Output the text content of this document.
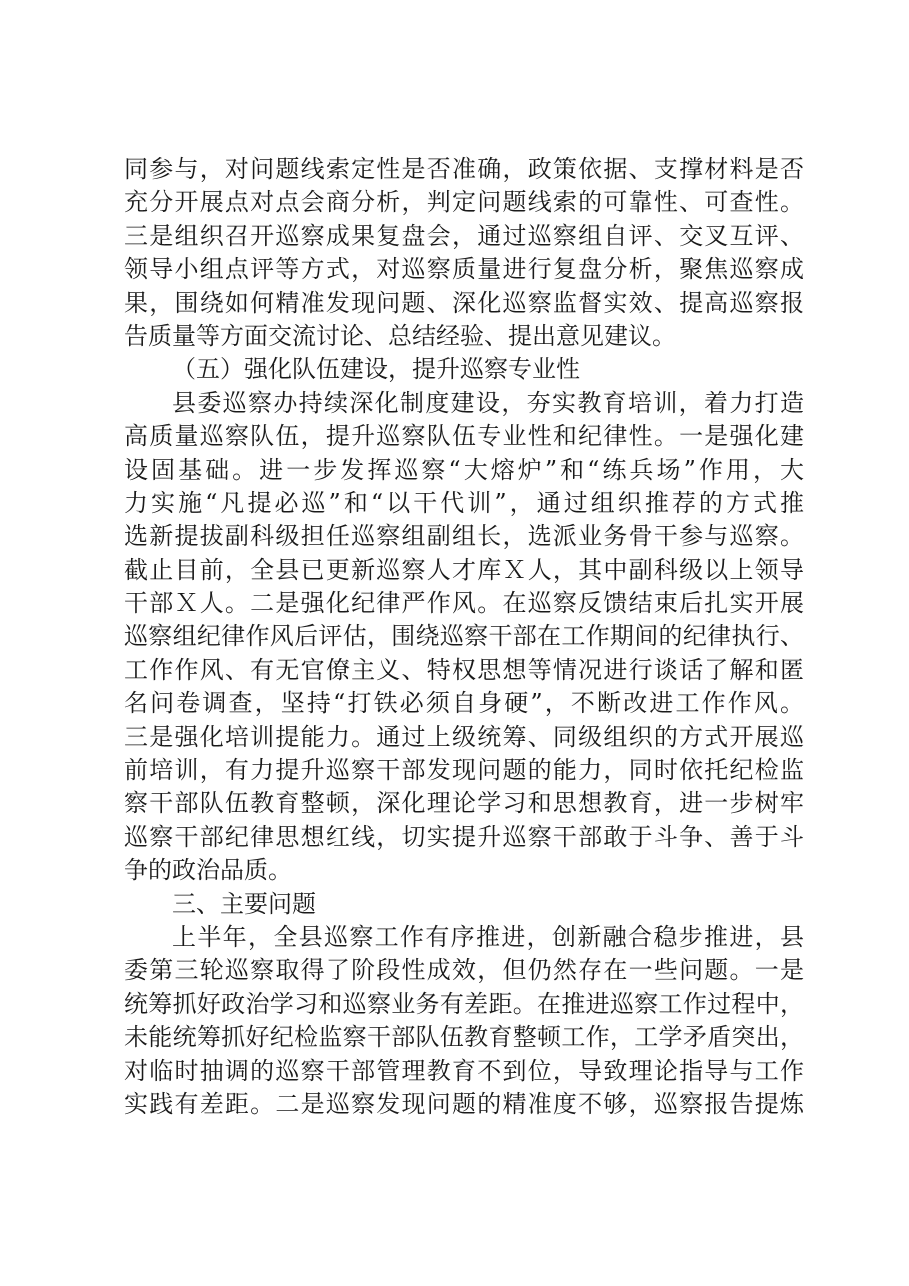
同参与，对问题线索定性是否准确，政策依据、支撑材料是否
充分开展点对点会商分析，判定问题线索的可靠性、可查性。
三是组织召开巡察成果复盘会，通过巡察组自评、交叉互评、
领导小组点评等方式，对巡察质量进行复盘分析，聚焦巡察成
果，围绕如何精准发现问题、深化巡察监督实效、提高巡察报
告质量等方面交流讨论、总结经验、提出意见建议。
（五）强化队伍建设，提升巡察专业性
县委巡察办持续深化制度建设，夯实教育培训，着力打造
高质量巡察队伍，提升巡察队伍专业性和纪律性。一是强化建
设固基础。进一步发挥巡察“大熔炉”和“练兵场”作用，大
力实施“凡提必巡”和“以干代训”，通过组织推荐的方式推
选新提拔副科级担任巡察组副组长，选派业务骨干参与巡察。
截止目前，全县已更新巡察人才库Ｘ人，其中副科级以上领导
干部Ｘ人。二是强化纪律严作风。在巡察反馈结束后扎实开展
巡察组纪律作风后评估，围绕巡察干部在工作期间的纪律执行、
工作作风、有无官僚主义、特权思想等情况进行谈话了解和匿
名问卷调查，坚持“打铁必须自身硬”，不断改进工作作风。
三是强化培训提能力。通过上级统筹、同级组织的方式开展巡
前培训，有力提升巡察干部发现问题的能力，同时依托纪检监
察干部队伍教育整顿，深化理论学习和思想教育，进一步树牢
巡察干部纪律思想红线，切实提升巡察干部敢于斗争、善于斗
争的政治品质。
三、主要问题
上半年，全县巡察工作有序推进，创新融合稳步推进，县
委第三轮巡察取得了阶段性成效，但仍然存在一些问题。一是
统筹抓好政治学习和巡察业务有差距。在推进巡察工作过程中，
未能统筹抓好纪检监察干部队伍教育整顿工作，工学矛盾突出，
对临时抽调的巡察干部管理教育不到位，导致理论指导与工作
实践有差距。二是巡察发现问题的精准度不够，巡察报告提炼
